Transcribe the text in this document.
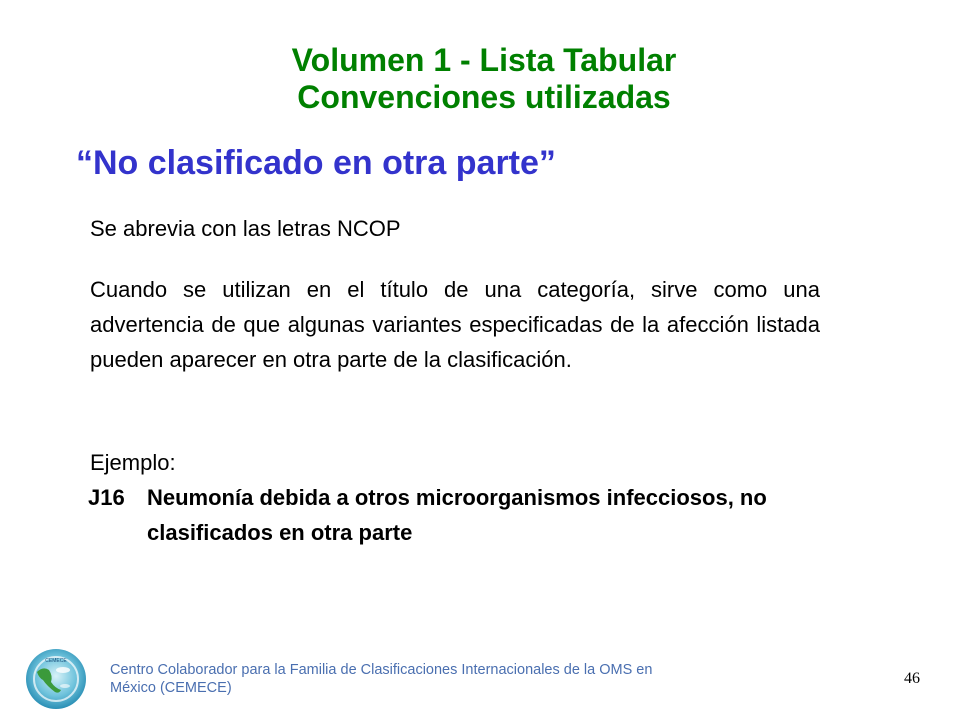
Volumen 1 - Lista Tabular
Convenciones utilizadas
“No clasificado en otra parte”
Se abrevia con las letras NCOP
Cuando se utilizan en el título de una categoría, sirve como una advertencia de que algunas variantes especificadas de la afección listada pueden aparecer en otra parte de la clasificación.
Ejemplo:
J16 Neumonía debida a otros microorganismos infecciosos, no clasificados en otra parte
CEMECE
Centro Colaborador para la Familia de Clasificaciones Internacionales de la OMS en México (CEMECE)
46
